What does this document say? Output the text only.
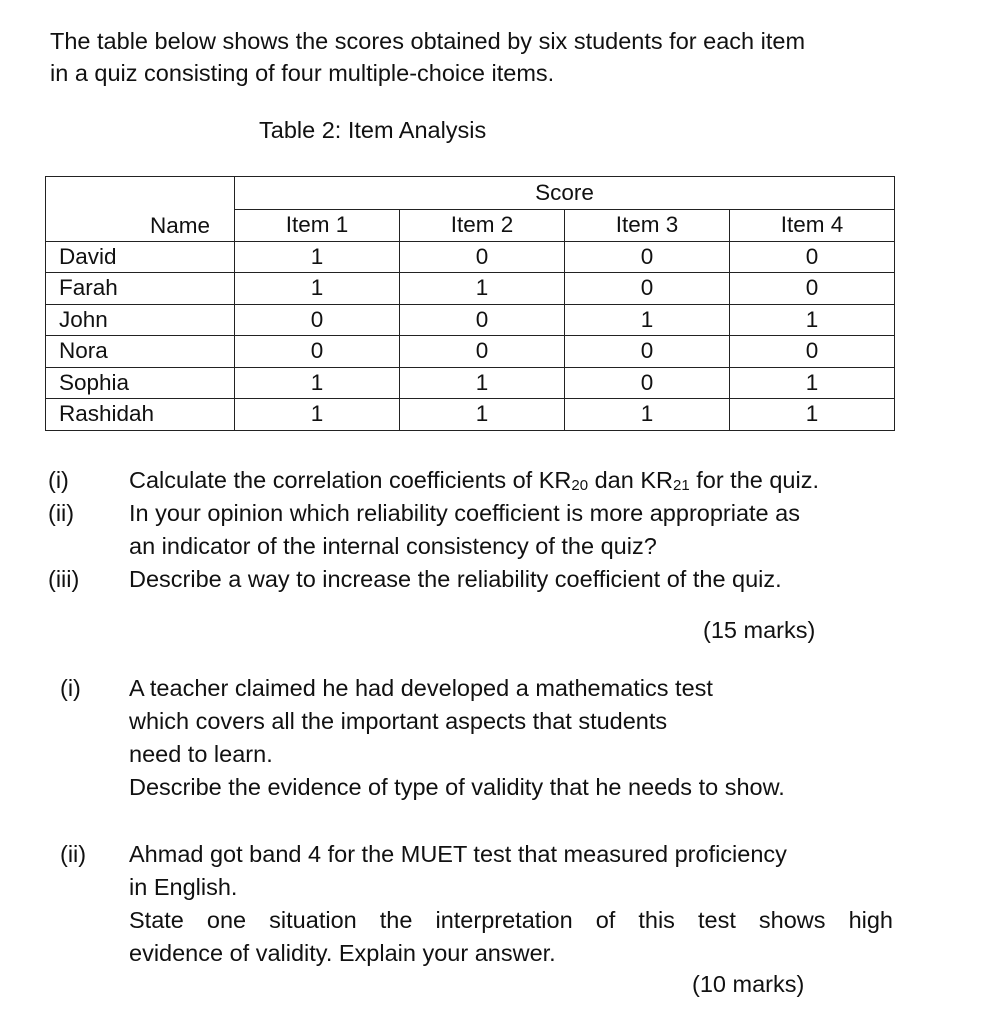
The table below shows the scores obtained by six students for each item
in a quiz consisting of four multiple-choice items.
Table 2: Item Analysis
Name	Score			
	Item 1	Item 2	Item 3	Item 4
David	1	0	0	0
Farah	1	1	0	0
John	0	0	1	1
Nora	0	0	0	0
Sophia	1	1	0	1
Rashidah	1	1	1	1
(i)	Calculate the correlation coefficients of KR20 dan KR21 for the quiz.
(ii) In your opinion which reliability coefficient is more appropriate as
an indicator of the internal consistency of the quiz?
(iii) Describe a way to increase the reliability coefficient of the quiz.
(15 marks)
(i) A teacher claimed he had developed a mathematics test
which covers all the important aspects that students
need to learn.
Describe the evidence of type of validity that he needs to show.
(ii) Ahmad got band 4 for the MUET test that measured proficiency
in English.
State one situation the interpretation of this test shows high
evidence of validity. Explain your answer.
(10 marks)
